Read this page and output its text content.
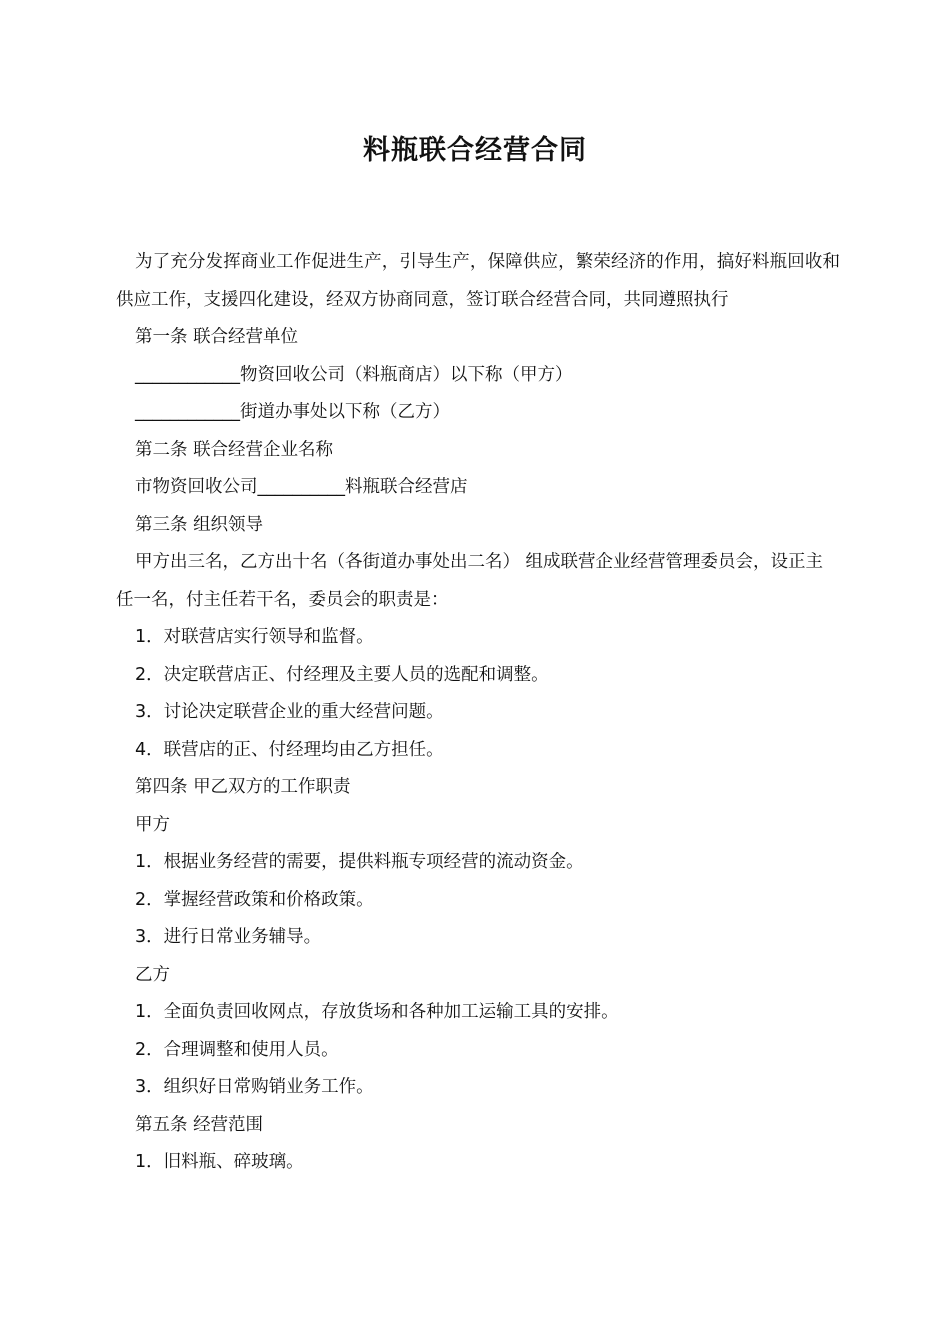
料瓶联合经营合同

为了充分发挥商业工作促进生产，引导生产，保障供应，繁荣经济的作用，搞好料瓶回收和供应工作，支援四化建设，经双方协商同意，签订联合经营合同，共同遵照执行

第一条 联合经营单位

____________物资回收公司（料瓶商店）以下称（甲方）

____________街道办事处以下称（乙方）

第二条 联合经营企业名称

市物资回收公司__________料瓶联合经营店

第三条 组织领导

甲方出三名，乙方出十名（各街道办事处出二名） 组成联营企业经营管理委员会，设正主任一名，付主任若干名，委员会的职责是：

1．对联营店实行领导和监督。

2．决定联营店正、付经理及主要人员的选配和调整。

3．讨论决定联营企业的重大经营问题。

4．联营店的正、付经理均由乙方担任。

第四条 甲乙双方的工作职责

甲方

1．根据业务经营的需要，提供料瓶专项经营的流动资金。

2．掌握经营政策和价格政策。

3．进行日常业务辅导。

乙方

1．全面负责回收网点，存放货场和各种加工运输工具的安排。

2．合理调整和使用人员。

3．组织好日常购销业务工作。

第五条 经营范围

1．旧料瓶、碎玻璃。
